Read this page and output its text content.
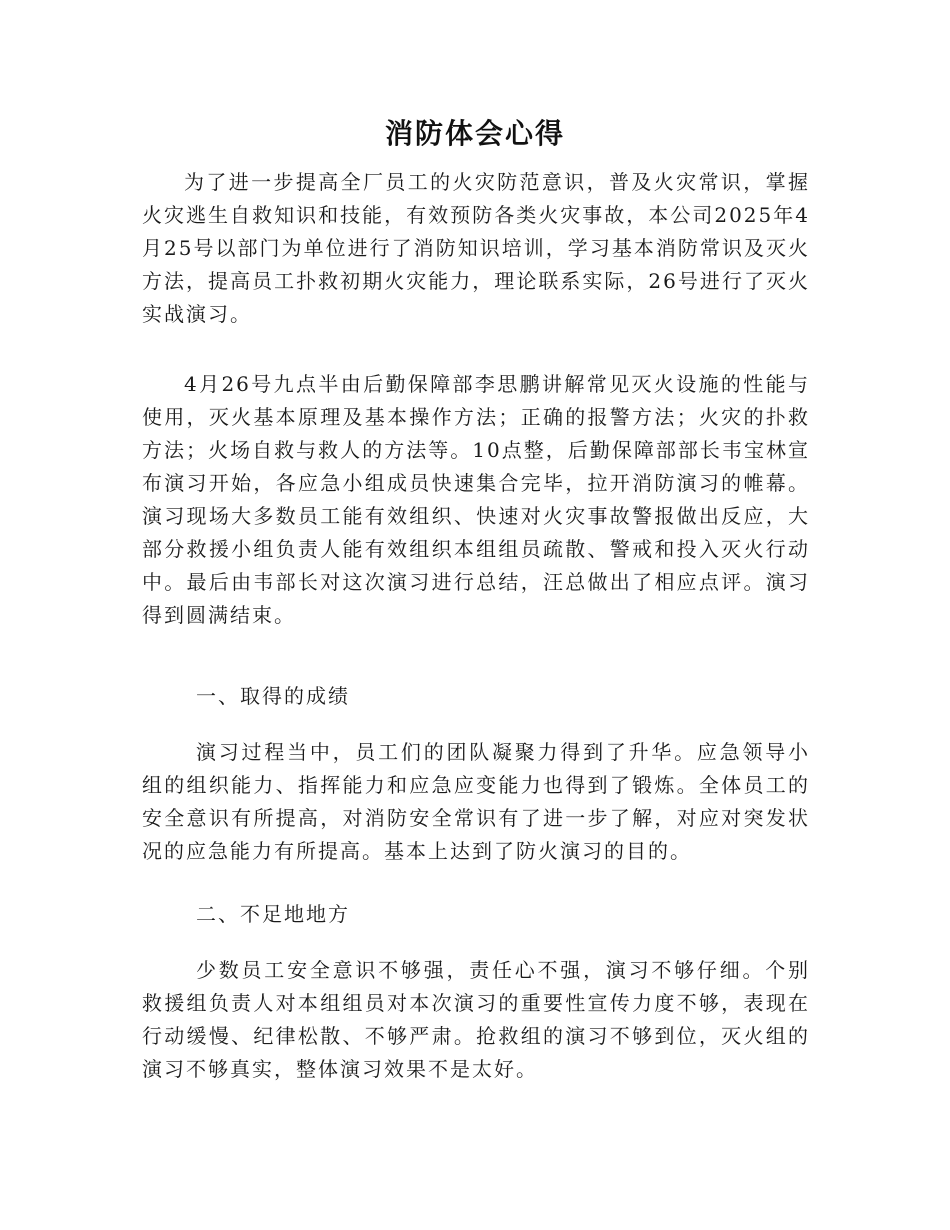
消防体会心得

为了进一步提高全厂员工的火灾防范意识，普及火灾常识，掌握火灾逃生自救知识和技能，有效预防各类火灾事故，本公司2025年4月25号以部门为单位进行了消防知识培训，学习基本消防常识及灭火方法，提高员工扑救初期火灾能力，理论联系实际，26号进行了灭火实战演习。

4月26号九点半由后勤保障部李思鹏讲解常见灭火设施的性能与使用，灭火基本原理及基本操作方法；正确的报警方法；火灾的扑救方法；火场自救与救人的方法等。10点整，后勤保障部部长韦宝林宣布演习开始，各应急小组成员快速集合完毕，拉开消防演习的帷幕。演习现场大多数员工能有效组织、快速对火灾事故警报做出反应，大部分救援小组负责人能有效组织本组组员疏散、警戒和投入灭火行动中。最后由韦部长对这次演习进行总结，汪总做出了相应点评。演习得到圆满结束。

一、取得的成绩

演习过程当中，员工们的团队凝聚力得到了升华。应急领导小组的组织能力、指挥能力和应急应变能力也得到了锻炼。全体员工的安全意识有所提高，对消防安全常识有了进一步了解，对应对突发状况的应急能力有所提高。基本上达到了防火演习的目的。

二、不足地地方

少数员工安全意识不够强，责任心不强，演习不够仔细。个别救援组负责人对本组组员对本次演习的重要性宣传力度不够，表现在行动缓慢、纪律松散、不够严肃。抢救组的演习不够到位，灭火组的演习不够真实，整体演习效果不是太好。
